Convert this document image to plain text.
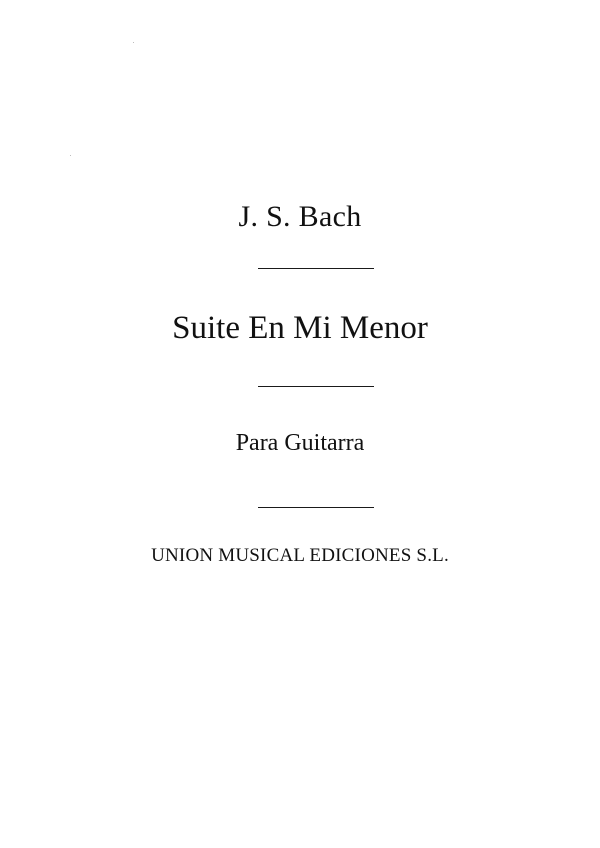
J. S. Bach
Suite En Mi Menor
Para Guitarra
UNION MUSICAL EDICIONES S.L.
